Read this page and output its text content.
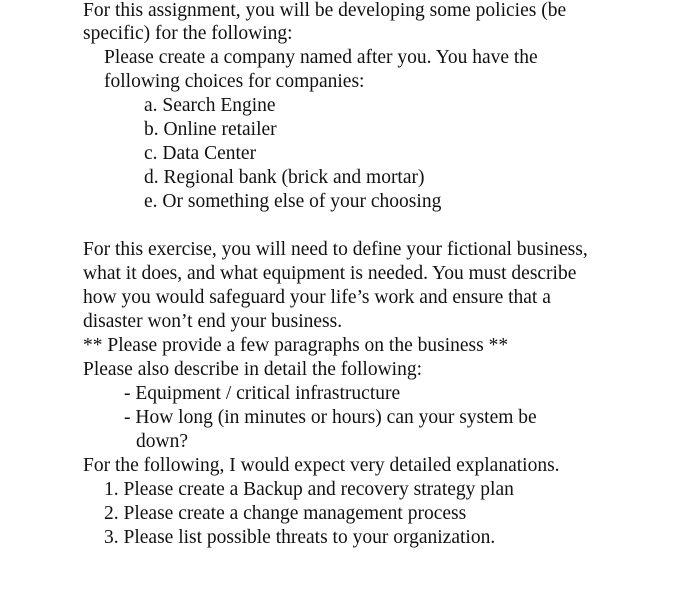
For this assignment, you will be developing some policies (be
specific) for the following:
Please create a company named after you. You have the
following choices for companies:
a. Search Engine
b. Online retailer
c. Data Center
d. Regional bank (brick and mortar)
e. Or something else of your choosing
For this exercise, you will need to define your fictional business,
what it does, and what equipment is needed. You must describe
how you would safeguard your life’s work and ensure that a
disaster won’t end your business.
** Please provide a few paragraphs on the business **
Please also describe in detail the following:
- Equipment / critical infrastructure
- How long (in minutes or hours) can your system be
down?
For the following, I would expect very detailed explanations.
1. Please create a Backup and recovery strategy plan
2. Please create a change management process
3. Please list possible threats to your organization.
